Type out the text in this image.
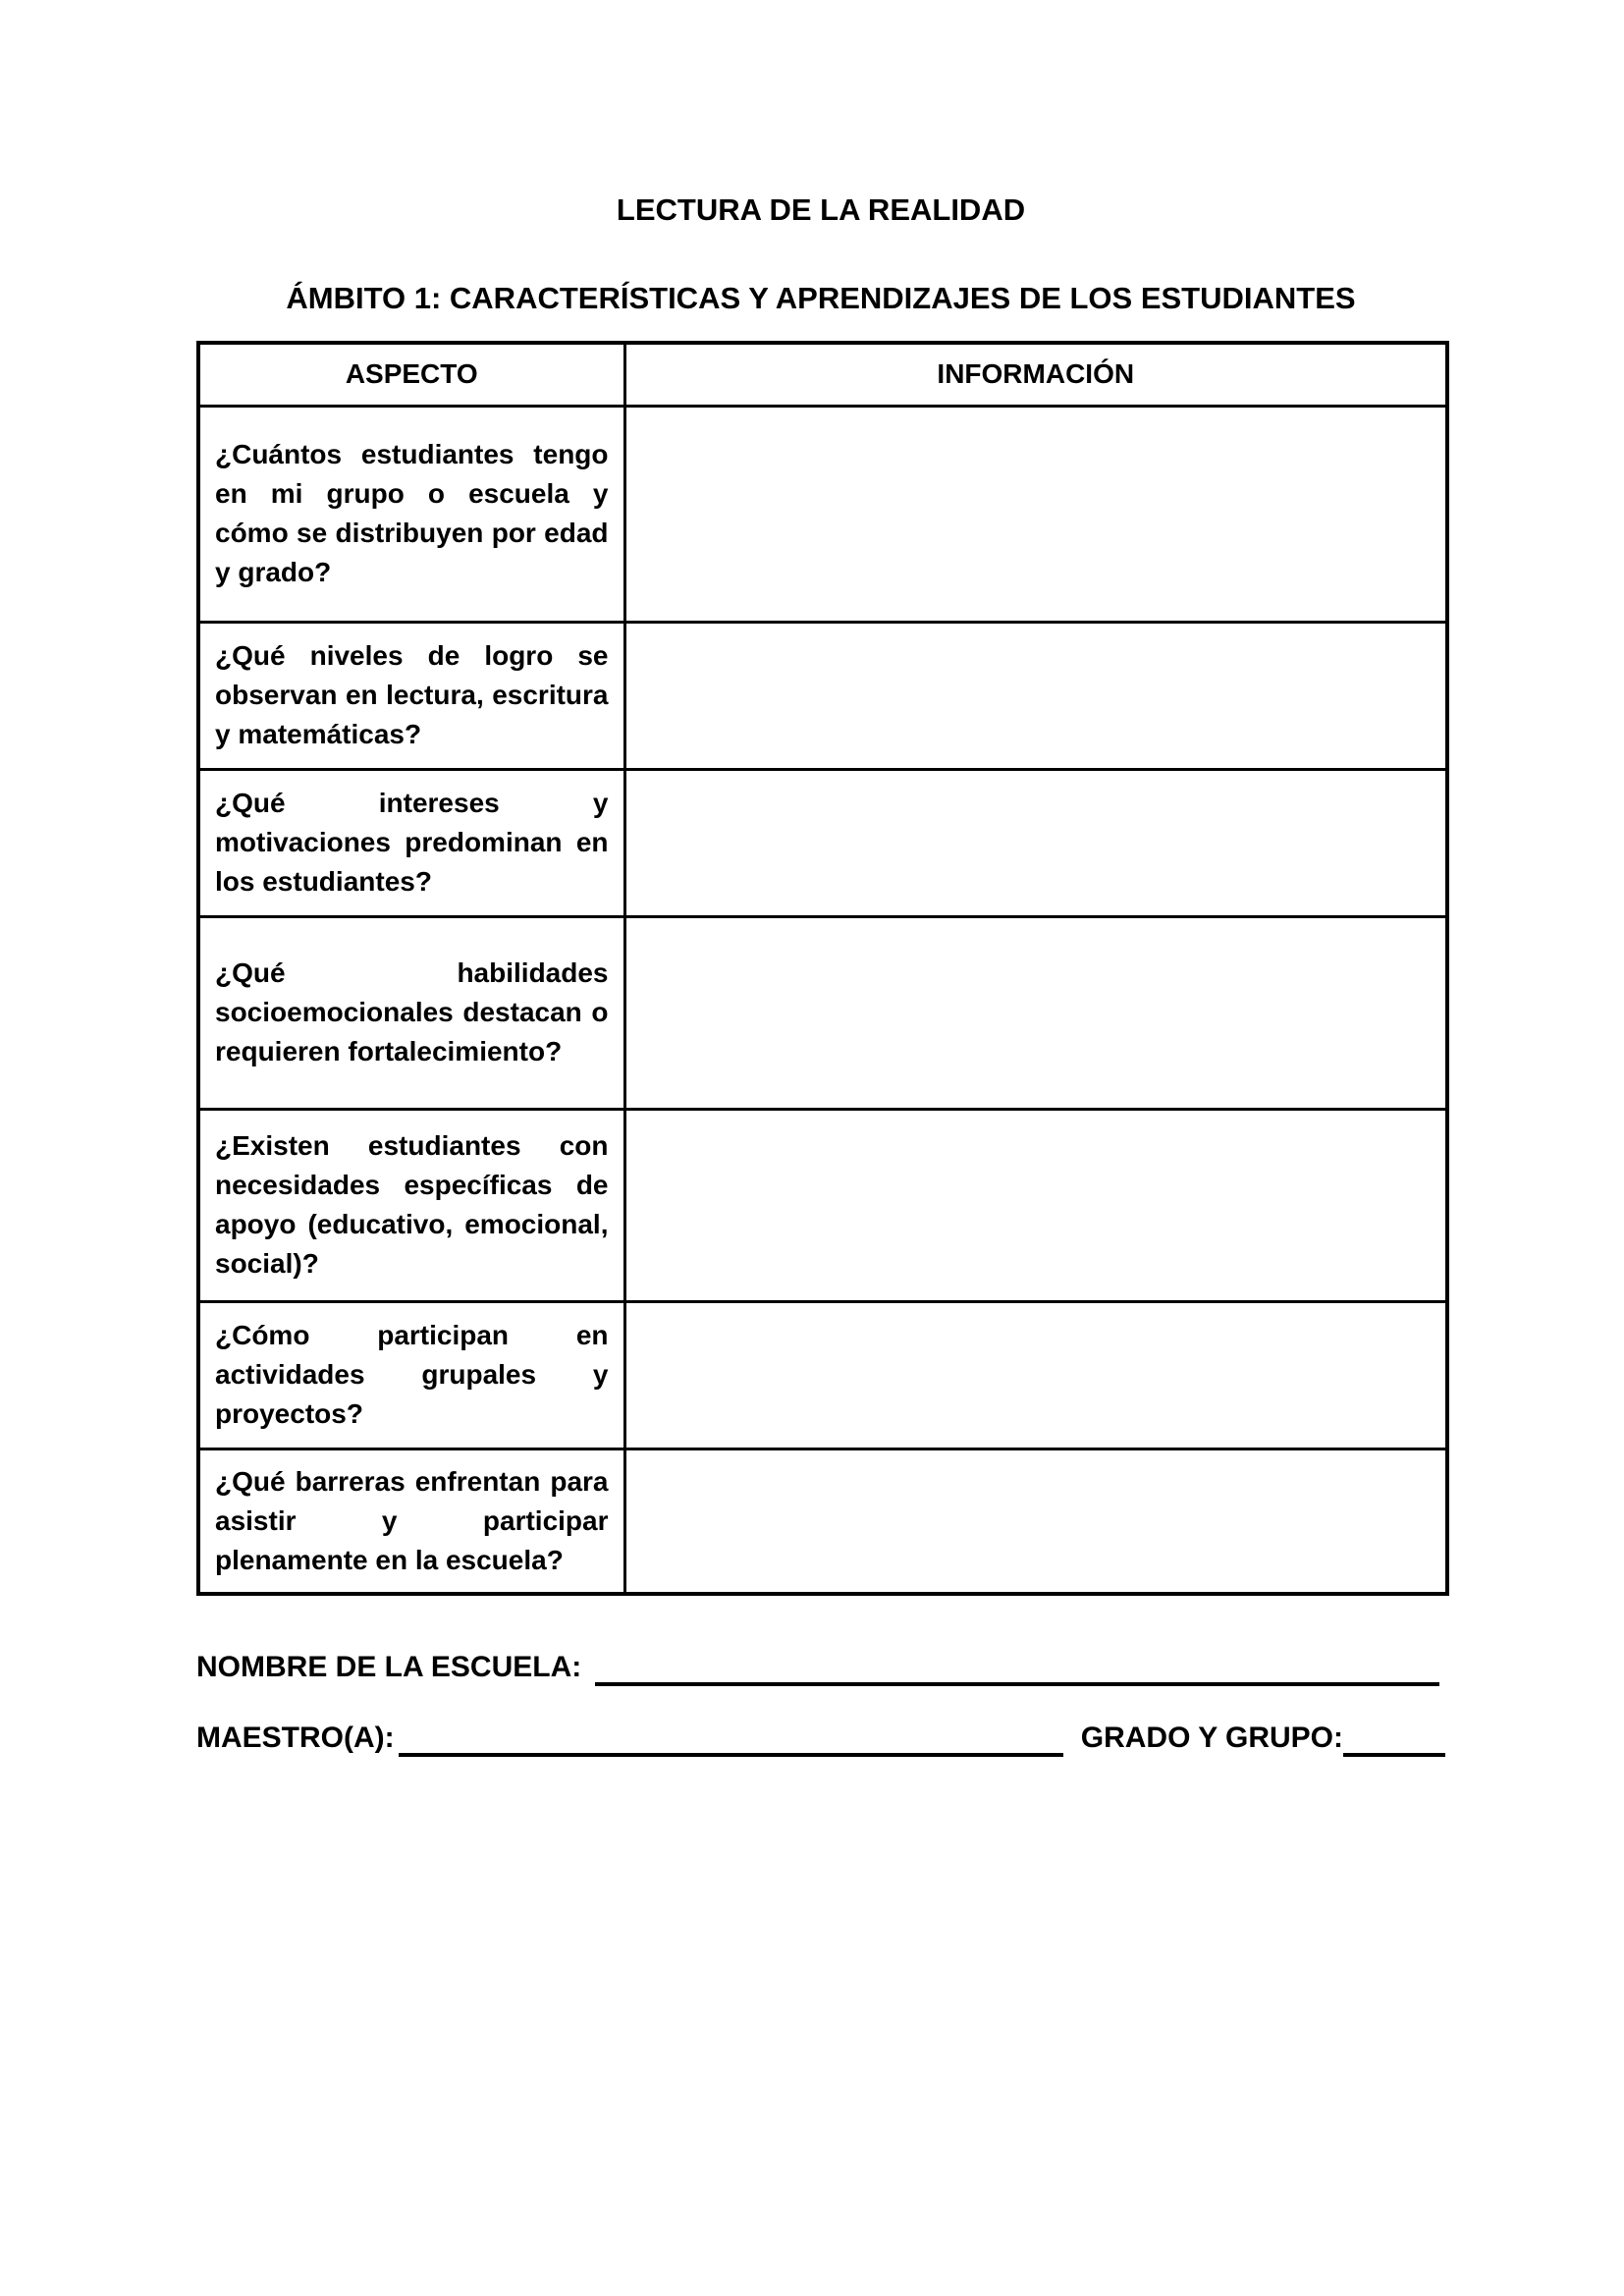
LECTURA DE LA REALIDAD
ÁMBITO 1: CARACTERÍSTICAS Y APRENDIZAJES DE LOS ESTUDIANTES
ASPECTO	INFORMACIÓN
¿Cuántos estudiantes tengo en mi grupo o escuela y cómo se distribuyen por edad y grado?	
¿Qué niveles de logro se observan en lectura, escritura y matemáticas?	
¿Qué intereses y motivaciones predominan en los estudiantes?	
¿Qué habilidades socioemocionales destacan o requieren fortalecimiento?	
¿Existen estudiantes con necesidades específicas de apoyo (educativo, emocional, social)?	
¿Cómo participan en actividades grupales y proyectos?	
¿Qué barreras enfrentan para asistir y participar plenamente en la escuela?	
NOMBRE DE LA ESCUELA:
MAESTRO(A):	GRADO Y GRUPO:
